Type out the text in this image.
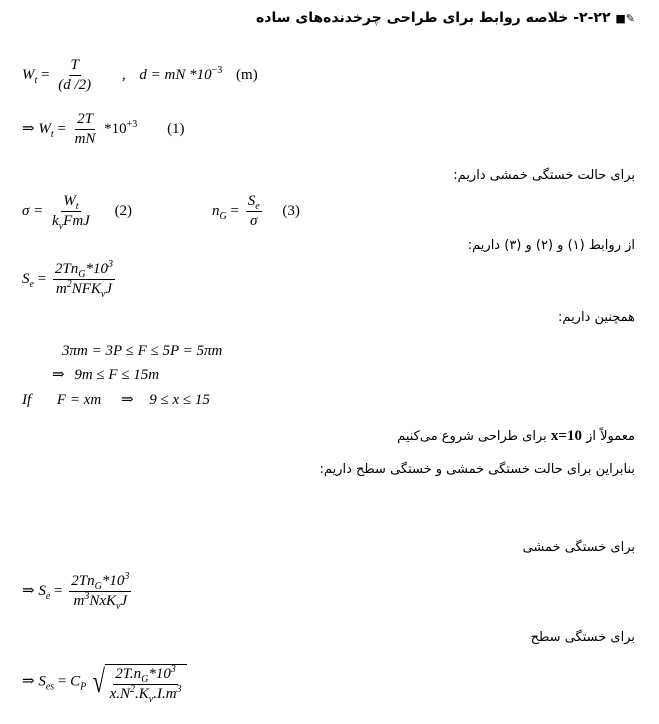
✎■ ۲-۲۲- خلاصه روابط برای طراحی چرخدنده‌های ساده
$W_t = \frac{T}{(d /2)}$ , d = mN $*10^{-3}$ (m)
⇒ $W_t = \frac{2T}{mN} *10^{+3}$ (1)
برای حالت خستگی خمشی داریم:
$\sigma = \frac{W_t}{k_vFmJ} (2)$	$n_G = \frac{S_e}{\sigma} (3)$
از روابط (۱) و (۲) و (۳) داریم:
$S_e = \frac{2Tn_G*10^3}{m^2NFK_vJ}$
همچنین داریم:
3πm = 3P ≤ F ≤ 5P = 5πm
⇒ 9m ≤ F ≤ 15m
If F = xm ⇒ 9 ≤ x ≤ 15
معمولاً از x=10 برای طراحی شروع می‌کنیم
بنابراین برای حالت خستگی خمشی و خستگی سطح داریم:
برای خستگی خمشی
⇒ $S_e = \frac{2Tn_G*10^3}{m^3NxK_vJ}$
برای خستگی سطح
⇒ $S_{es} = C_P$ √ $\frac{2T.n_G*10^3}{x.N^2.K_v.I.m^3}$
